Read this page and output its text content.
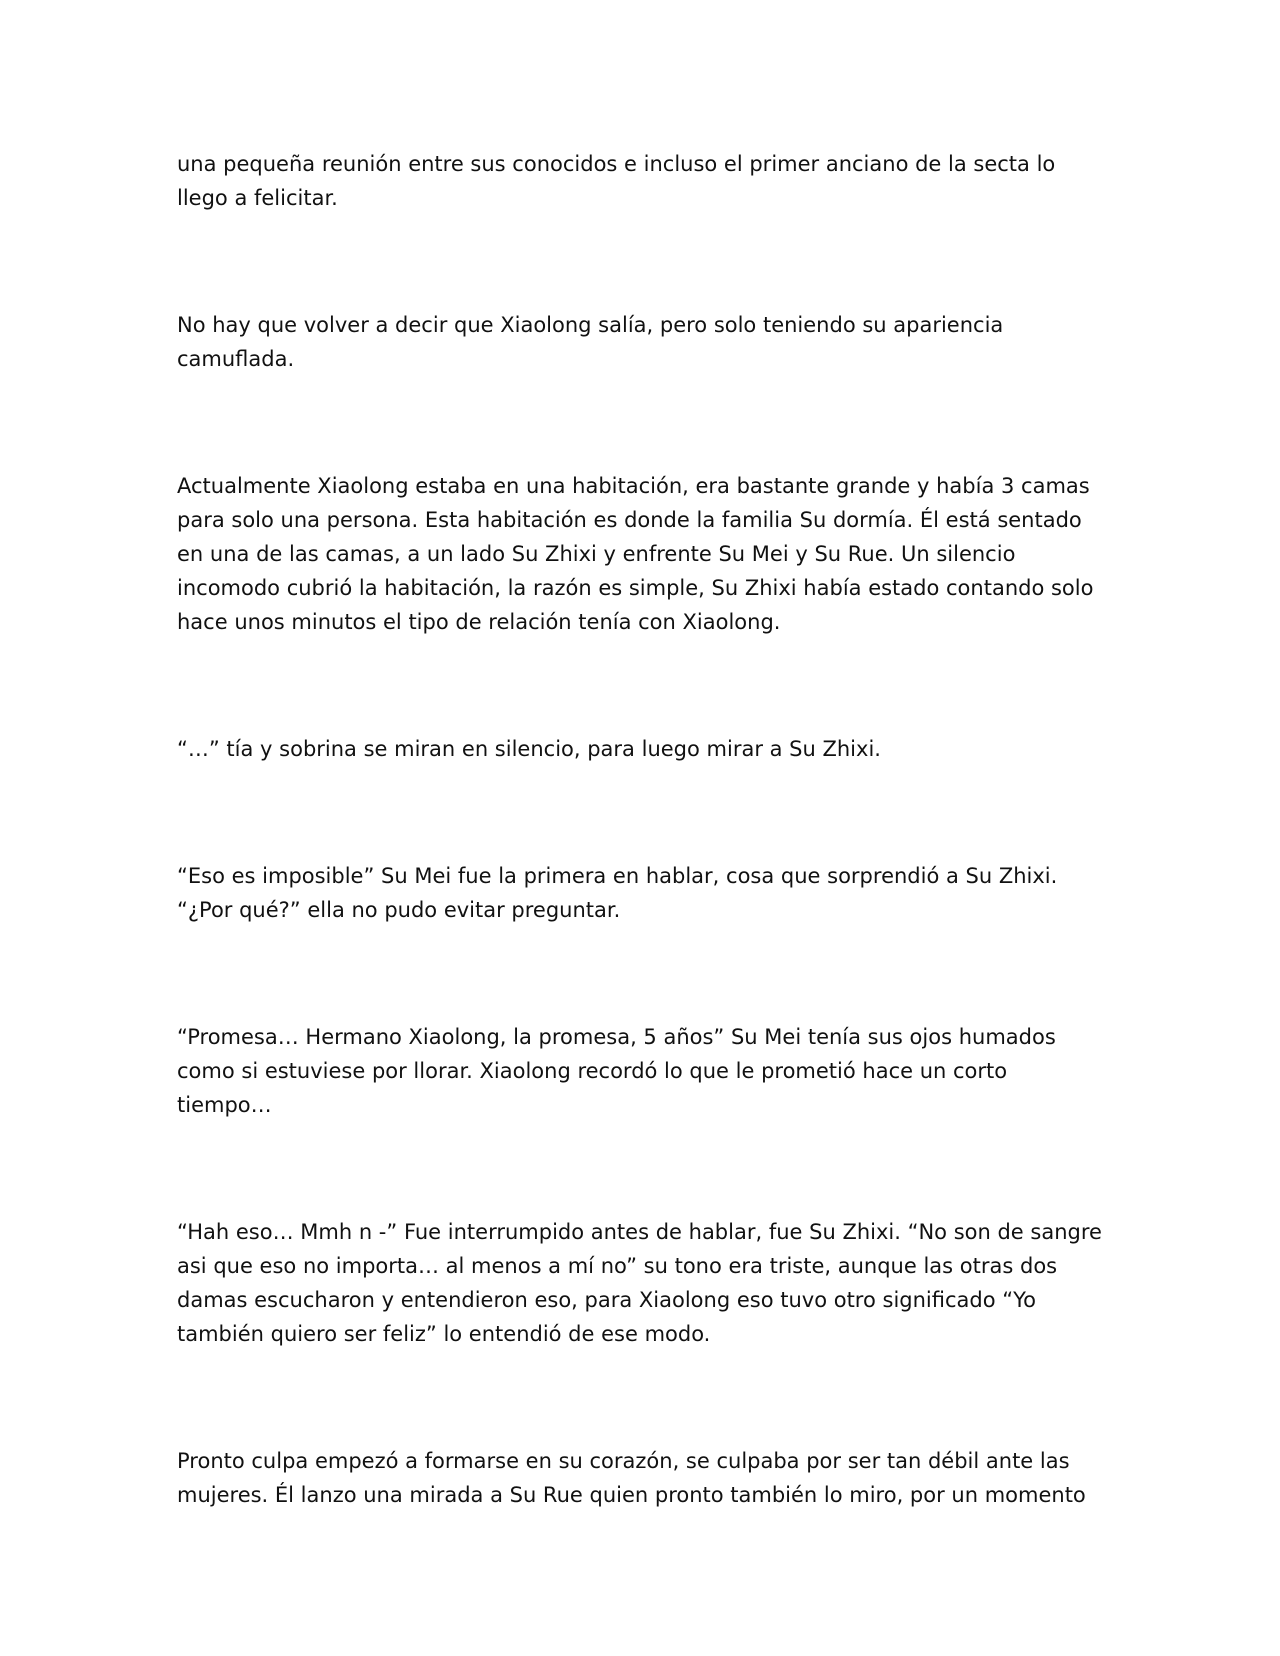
una pequeña reunión entre sus conocidos e incluso el primer anciano de la secta lo llego a felicitar.

No hay que volver a decir que Xiaolong salía, pero solo teniendo su apariencia camuflada.

Actualmente Xiaolong estaba en una habitación, era bastante grande y había 3 camas para solo una persona. Esta habitación es donde la familia Su dormía. Él está sentado en una de las camas, a un lado Su Zhixi y enfrente Su Mei y Su Rue. Un silencio incomodo cubrió la habitación, la razón es simple, Su Zhixi había estado contando solo hace unos minutos el tipo de relación tenía con Xiaolong.

“…” tía y sobrina se miran en silencio, para luego mirar a Su Zhixi.

“Eso es imposible” Su Mei fue la primera en hablar, cosa que sorprendió a Su Zhixi. “¿Por qué?” ella no pudo evitar preguntar.

“Promesa… Hermano Xiaolong, la promesa, 5 años” Su Mei tenía sus ojos humados como si estuviese por llorar. Xiaolong recordó lo que le prometió hace un corto tiempo…

“Hah eso… Mmh n -” Fue interrumpido antes de hablar, fue Su Zhixi. “No son de sangre asi que eso no importa… al menos a mí no” su tono era triste, aunque las otras dos damas escucharon y entendieron eso, para Xiaolong eso tuvo otro significado “Yo también quiero ser feliz” lo entendió de ese modo.

Pronto culpa empezó a formarse en su corazón, se culpaba por ser tan débil ante las mujeres. Él lanzo una mirada a Su Rue quien pronto también lo miro, por un momento
